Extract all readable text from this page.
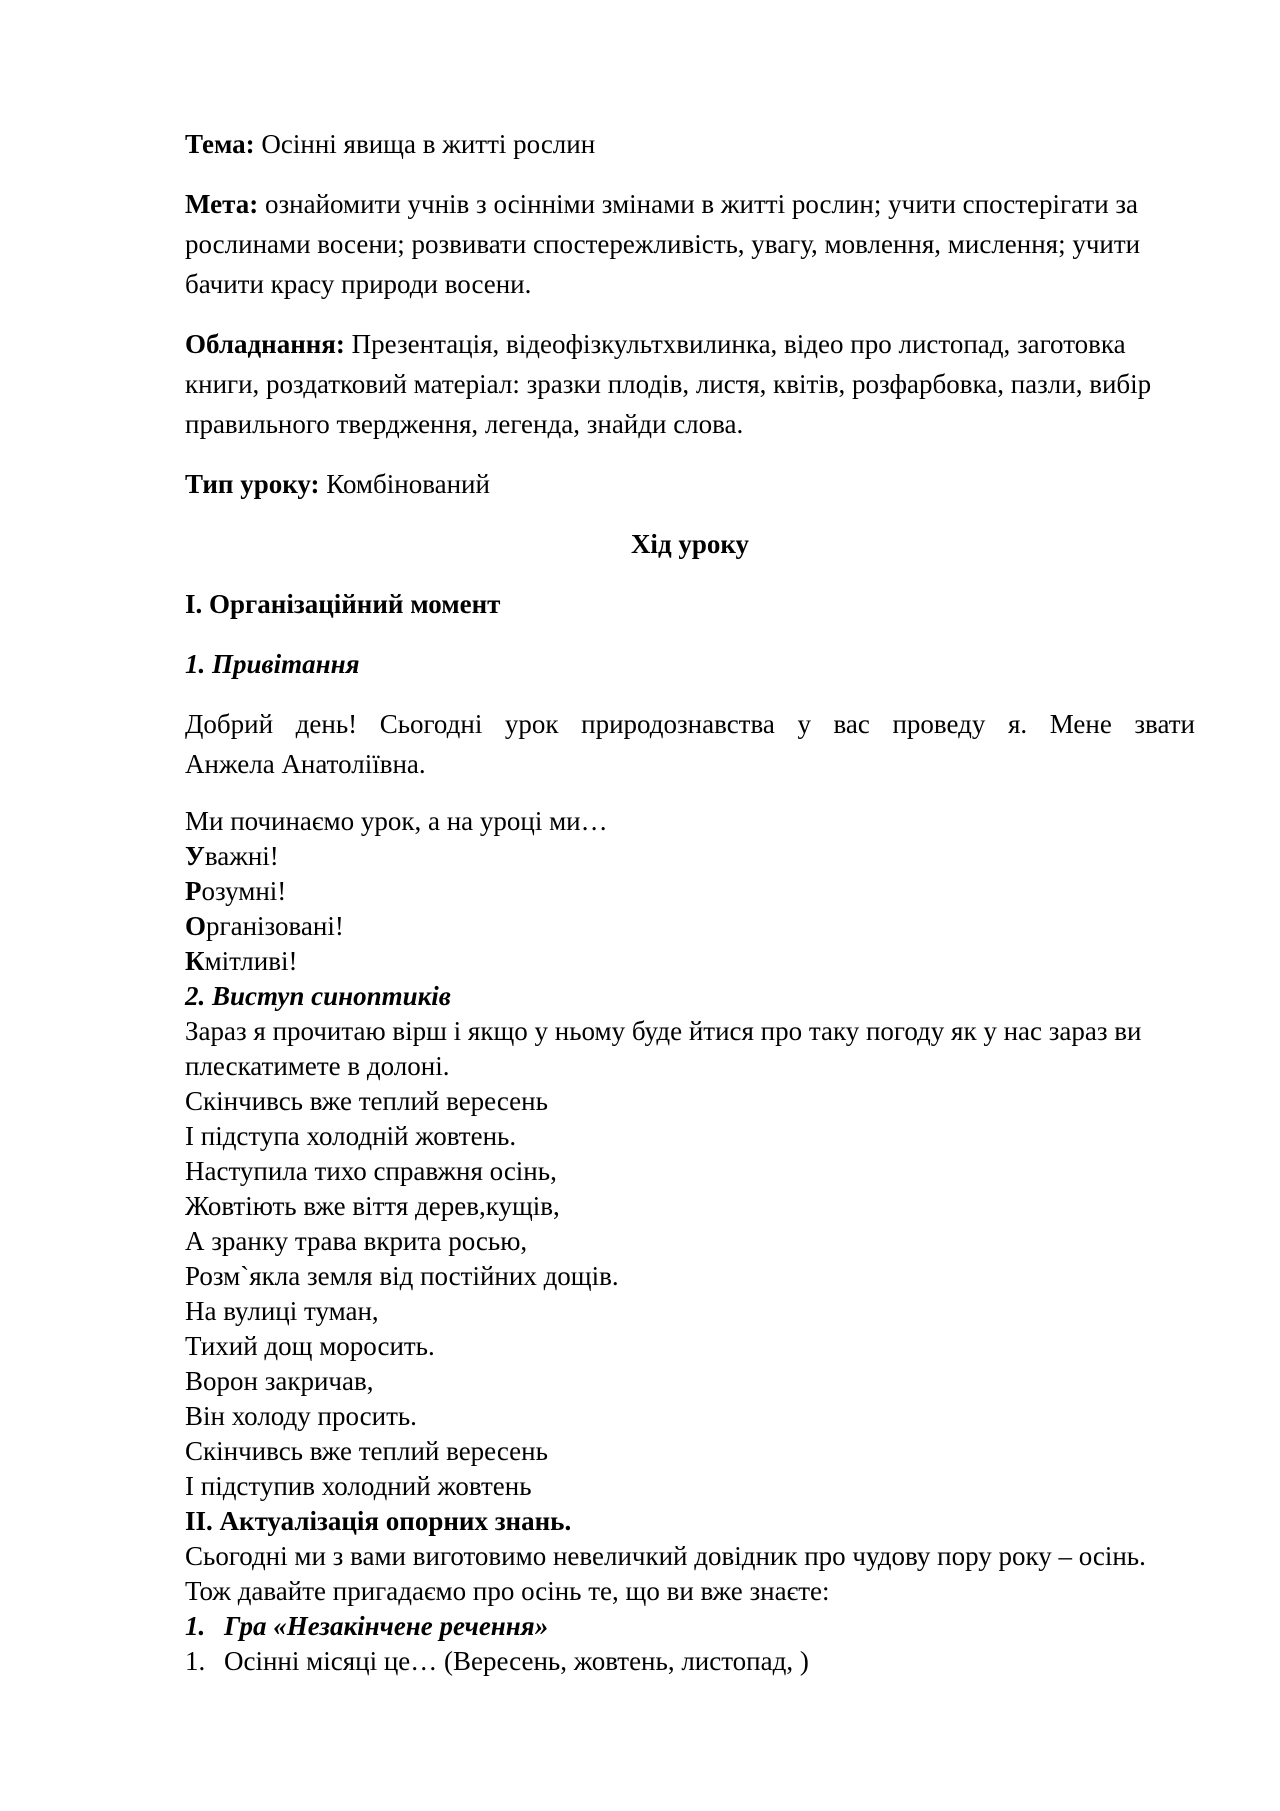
Тема: Осінні явища в житті рослин

Мета: ознайомити учнів з осінніми змінами в житті рослин; учити спостерігати за рослинами восени; розвивати спостережливість, увагу, мовлення, мислення; учити бачити красу природи восени.

Обладнання: Презентація, відеофізкультхвилинка, відео про листопад, заготовка книги, роздатковий матеріал: зразки плодів, листя, квітів, розфарбовка, пазли, вибір правильного твердження, легенда, знайди слова.

Тип уроку: Комбінований

Хід уроку

І. Організаційний момент

1. Привітання

Добрий день! Сьогодні урок природознавства у вас проведу я. Мене звати
Анжела Анатоліївна.

Ми починаємо урок, а на уроці ми…

Уважні!

Розумні!

Організовані!

Кмітливі!

2. Виступ синоптиків

Зараз я прочитаю вірш і якщо у ньому буде йтися про таку погоду як у нас зараз ви плескатимете в долоні.

Скінчивсь вже теплий вересень

І підступа холодній жовтень.

Наступила тихо справжня осінь,

Жовтіють вже віття дерев,кущів,

А зранку трава вкрита росью,

Розм`якла земля від постійних дощів.

На вулиці туман,

Тихий дощ моросить.

Ворон закричав,

Він холоду просить.

Скінчивсь вже теплий вересень

І підступив холодний жовтень

ІІ. Актуалізація опорних знань.

Сьогодні ми з вами виготовимо невеличкий довідник про чудову пору року – осінь. Тож давайте пригадаємо про осінь те, що ви вже знаєте:

1. Гра «Незакінчене речення»

1. Осінні місяці це… (Вересень, жовтень, листопад, )
